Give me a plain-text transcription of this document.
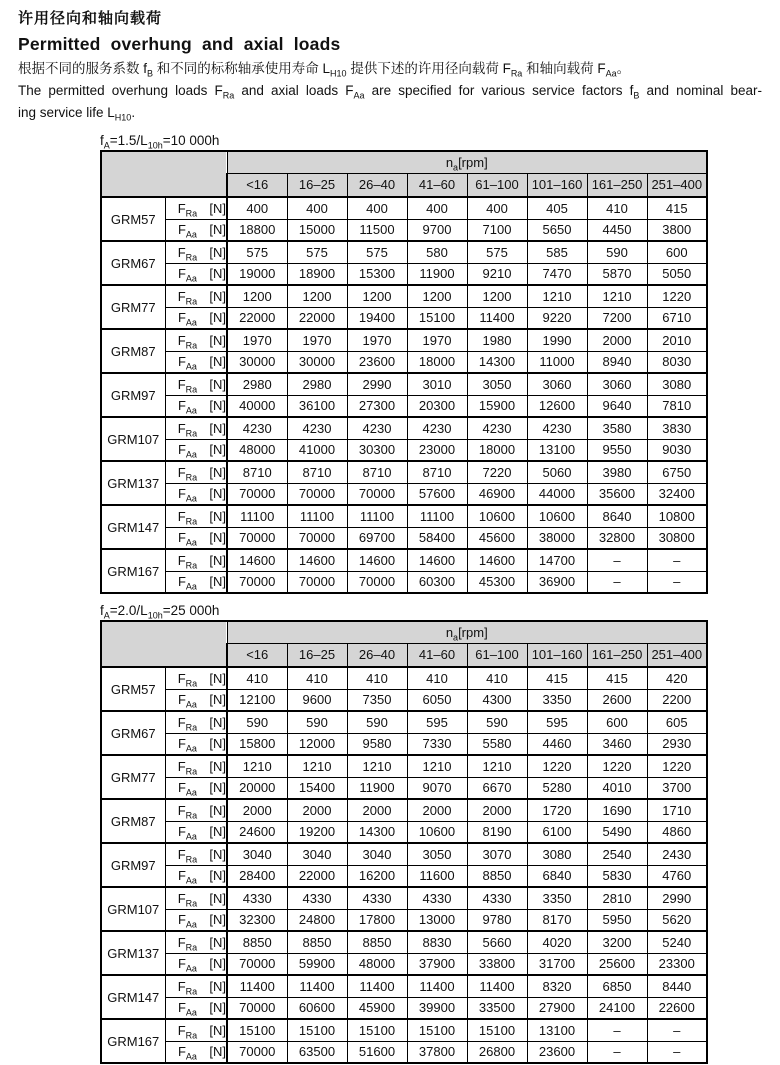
许用径向和轴向载荷
Permitted overhung and axial loads

根据不同的服务系数 $f_B$ 和不同的标称轴承使用寿命 $L_{H10}$ 提供下述的许用径向载荷 $F_{Ra}$ 和轴向载荷 $F_{Aa}$。

The permitted overhung loads $F_{Ra}$ and axial loads $F_{Aa}$ are specified for various service factors $f_B$ and nominal bear-

ing service life $L_{H10}$.

$f_A=1.5/L_{10h}=10$ 000h
		$n_a[rpm]$							
		<16	16–25	26–40	41–60	61–100	101–160	161–250	251–400
GRM57	$F_{Ra}$ [N]	400	400	400	400	400	405	410	415
	$F_{Aa}$ [N]	18800	15000	11500	9700	7100	5650	4450	3800
GRM67	$F_{Ra}$ [N]	575	575	575	580	575	585	590	600
	$F_{Aa}$ [N]	19000	18900	15300	11900	9210	7470	5870	5050
GRM77	$F_{Ra}$ [N]	1200	1200	1200	1200	1200	1210	1210	1220
	$F_{Aa}$ [N]	22000	22000	19400	15100	11400	9220	7200	6710
GRM87	$F_{Ra}$ [N]	1970	1970	1970	1970	1980	1990	2000	2010
	$F_{Aa}$ [N]	30000	30000	23600	18000	14300	11000	8940	8030
GRM97	$F_{Ra}$ [N]	2980	2980	2990	3010	3050	3060	3060	3080
	$F_{Aa}$ [N]	40000	36100	27300	20300	15900	12600	9640	7810
GRM107	$F_{Ra}$ [N]	4230	4230	4230	4230	4230	4230	3580	3830
	$F_{Aa}$ [N]	48000	41000	30300	23000	18000	13100	9550	9030
GRM137	$F_{Ra}$ [N]	8710	8710	8710	8710	7220	5060	3980	6750
	$F_{Aa}$ [N]	70000	70000	70000	57600	46900	44000	35600	32400
GRM147	$F_{Ra}$ [N]	11100	11100	11100	11100	10600	10600	8640	10800
	$F_{Aa}$ [N]	70000	70000	69700	58400	45600	38000	32800	30800
GRM167	$F_{Ra}$ [N]	14600	14600	14600	14600	14600	14700	–	–
	$F_{Aa}$ [N]	70000	70000	70000	60300	45300	36900	–	–
$f_A=2.0/L_{10h}=25$ 000h
		$n_a[rpm]$							
		<16	16–25	26–40	41–60	61–100	101–160	161–250	251–400
GRM57	$F_{Ra}$ [N]	410	410	410	410	410	415	415	420
	$F_{Aa}$ [N]	12100	9600	7350	6050	4300	3350	2600	2200
GRM67	$F_{Ra}$ [N]	590	590	590	595	590	595	600	605
	$F_{Aa}$ [N]	15800	12000	9580	7330	5580	4460	3460	2930
GRM77	$F_{Ra}$ [N]	1210	1210	1210	1210	1210	1220	1220	1220
	$F_{Aa}$ [N]	20000	15400	11900	9070	6670	5280	4010	3700
GRM87	$F_{Ra}$ [N]	2000	2000	2000	2000	2000	1720	1690	1710
	$F_{Aa}$ [N]	24600	19200	14300	10600	8190	6100	5490	4860
GRM97	$F_{Ra}$ [N]	3040	3040	3040	3050	3070	3080	2540	2430
	$F_{Aa}$ [N]	28400	22000	16200	11600	8850	6840	5830	4760
GRM107	$F_{Ra}$ [N]	4330	4330	4330	4330	4330	3350	2810	2990
	$F_{Aa}$ [N]	32300	24800	17800	13000	9780	8170	5950	5620
GRM137	$F_{Ra}$ [N]	8850	8850	8850	8830	5660	4020	3200	5240
	$F_{Aa}$ [N]	70000	59900	48000	37900	33800	31700	25600	23300
GRM147	$F_{Ra}$ [N]	11400	11400	11400	11400	11400	8320	6850	8440
	$F_{Aa}$ [N]	70000	60600	45900	39900	33500	27900	24100	22600
GRM167	$F_{Ra}$ [N]	15100	15100	15100	15100	15100	13100	–	–
	$F_{Aa}$ [N]	70000	63500	51600	37800	26800	23600	–	–
